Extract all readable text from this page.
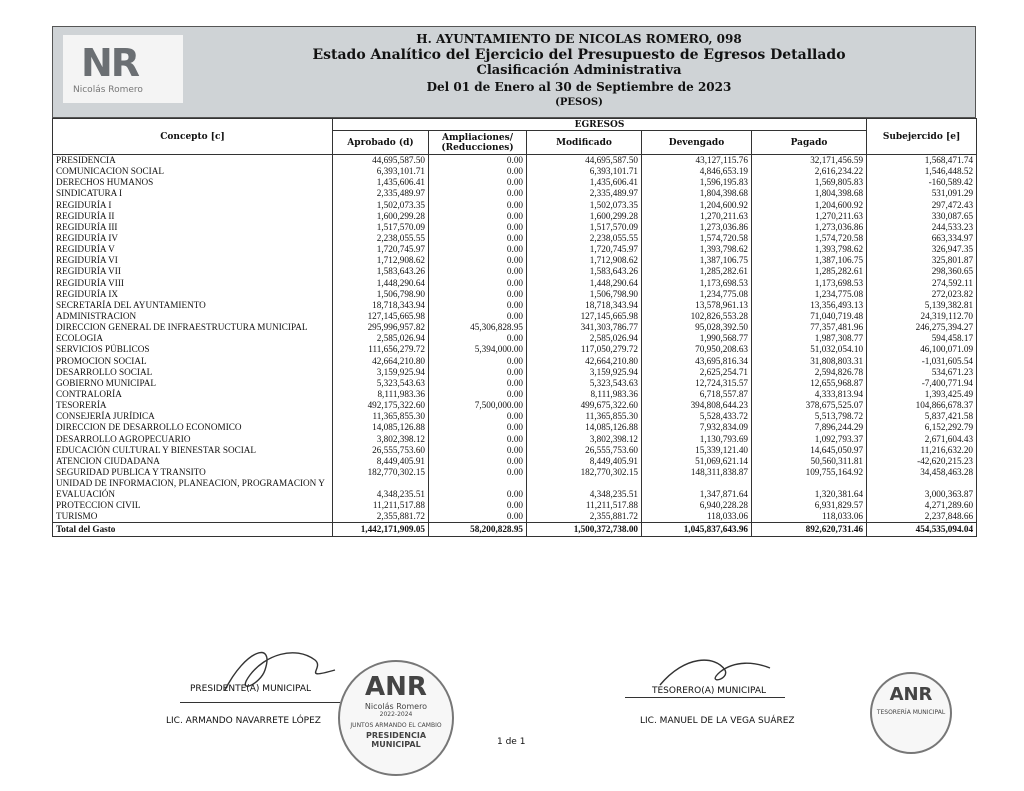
NR
Nicolás Romero
H. AYUNTAMIENTO DE NICOLAS ROMERO, 098
Estado Analítico del Ejercicio del Presupuesto de Egresos Detallado
Clasificación Administrativa
Del 01 de Enero al 30 de Septiembre de 2023
(PESOS)
Concepto [c]	EGRESOS					Subejercido [e]
	Aprobado (d)	Ampliaciones/ (Reducciones)	Modificado	Devengado	Pagado	
PRESIDENCIA	44,695,587.50	0.00	44,695,587.50	43,127,115.76	32,171,456.59	1,568,471.74
COMUNICACION SOCIAL	6,393,101.71	0.00	6,393,101.71	4,846,653.19	2,616,234.22	1,546,448.52
DERECHOS HUMANOS	1,435,606.41	0.00	1,435,606.41	1,596,195.83	1,569,805.83	-160,589.42
SINDICATURA I	2,335,489.97	0.00	2,335,489.97	1,804,398.68	1,804,398.68	531,091.29
REGIDURÍA I	1,502,073.35	0.00	1,502,073.35	1,204,600.92	1,204,600.92	297,472.43
REGIDURÍA II	1,600,299.28	0.00	1,600,299.28	1,270,211.63	1,270,211.63	330,087.65
REGIDURÍA III	1,517,570.09	0.00	1,517,570.09	1,273,036.86	1,273,036.86	244,533.23
REGIDURÍA IV	2,238,055.55	0.00	2,238,055.55	1,574,720.58	1,574,720.58	663,334.97
REGIDURÍA V	1,720,745.97	0.00	1,720,745.97	1,393,798.62	1,393,798.62	326,947.35
REGIDURÍA VI	1,712,908.62	0.00	1,712,908.62	1,387,106.75	1,387,106.75	325,801.87
REGIDURÍA VII	1,583,643.26	0.00	1,583,643.26	1,285,282.61	1,285,282.61	298,360.65
REGIDURÍA VIII	1,448,290.64	0.00	1,448,290.64	1,173,698.53	1,173,698.53	274,592.11
REGIDURÍA IX	1,506,798.90	0.00	1,506,798.90	1,234,775.08	1,234,775.08	272,023.82
SECRETARÍA DEL AYUNTAMIENTO	18,718,343.94	0.00	18,718,343.94	13,578,961.13	13,356,493.13	5,139,382.81
ADMINISTRACION	127,145,665.98	0.00	127,145,665.98	102,826,553.28	71,040,719.48	24,319,112.70
DIRECCION GENERAL DE INFRAESTRUCTURA MUNICIPAL	295,996,957.82	45,306,828.95	341,303,786.77	95,028,392.50	77,357,481.96	246,275,394.27
ECOLOGIA	2,585,026.94	0.00	2,585,026.94	1,990,568.77	1,987,308.77	594,458.17
SERVICIOS PÚBLICOS	111,656,279.72	5,394,000.00	117,050,279.72	70,950,208.63	51,032,054.10	46,100,071.09
PROMOCION SOCIAL	42,664,210.80	0.00	42,664,210.80	43,695,816.34	31,808,803.31	-1,031,605.54
DESARROLLO SOCIAL	3,159,925.94	0.00	3,159,925.94	2,625,254.71	2,594,826.78	534,671.23
GOBIERNO MUNICIPAL	5,323,543.63	0.00	5,323,543.63	12,724,315.57	12,655,968.87	-7,400,771.94
CONTRALORÍA	8,111,983.36	0.00	8,111,983.36	6,718,557.87	4,333,813.94	1,393,425.49
TESORERÍA	492,175,322.60	7,500,000.00	499,675,322.60	394,808,644.23	378,675,525.07	104,866,678.37
CONSEJERÍA JURÍDICA	11,365,855.30	0.00	11,365,855.30	5,528,433.72	5,513,798.72	5,837,421.58
DIRECCION DE DESARROLLO ECONOMICO	14,085,126.88	0.00	14,085,126.88	7,932,834.09	7,896,244.29	6,152,292.79
DESARROLLO AGROPECUARIO	3,802,398.12	0.00	3,802,398.12	1,130,793.69	1,092,793.37	2,671,604.43
EDUCACIÓN CULTURAL Y BIENESTAR SOCIAL	26,555,753.60	0.00	26,555,753.60	15,339,121.40	14,645,050.97	11,216,632.20
ATENCION CIUDADANA	8,449,405.91	0.00	8,449,405.91	51,069,621.14	50,560,311.81	-42,620,215.23
SEGURIDAD PUBLICA Y TRANSITO	182,770,302.15	0.00	182,770,302.15	148,311,838.87	109,755,164.92	34,458,463.28
UNIDAD DE INFORMACION, PLANEACION, PROGRAMACION Y EVALUACIÓN	4,348,235.51	0.00	4,348,235.51	1,347,871.64	1,320,381.64	3,000,363.87
PROTECCION CIVIL	11,211,517.88	0.00	11,211,517.88	6,940,228.28	6,931,829.57	4,271,289.60
TURISMO	2,355,881.72	0.00	2,355,881.72	118,033.06	118,033.06	2,237,848.66
Total del Gasto	1,442,171,909.05	58,200,828.95	1,500,372,738.00	1,045,837,643.96	892,620,731.46	454,535,094.04
PRESIDENTE(A) MUNICIPAL
LIC. ARMANDO NAVARRETE LÓPEZ
TESORERO(A) MUNICIPAL
LIC. MANUEL DE LA VEGA SUÁREZ
1 de 1
ANR
Nicolás Romero
2022-2024
JUNTOS ARMANDO EL CAMBIO
PRESIDENCIA MUNICIPAL
ANR
TESORERÍA MUNICIPAL
